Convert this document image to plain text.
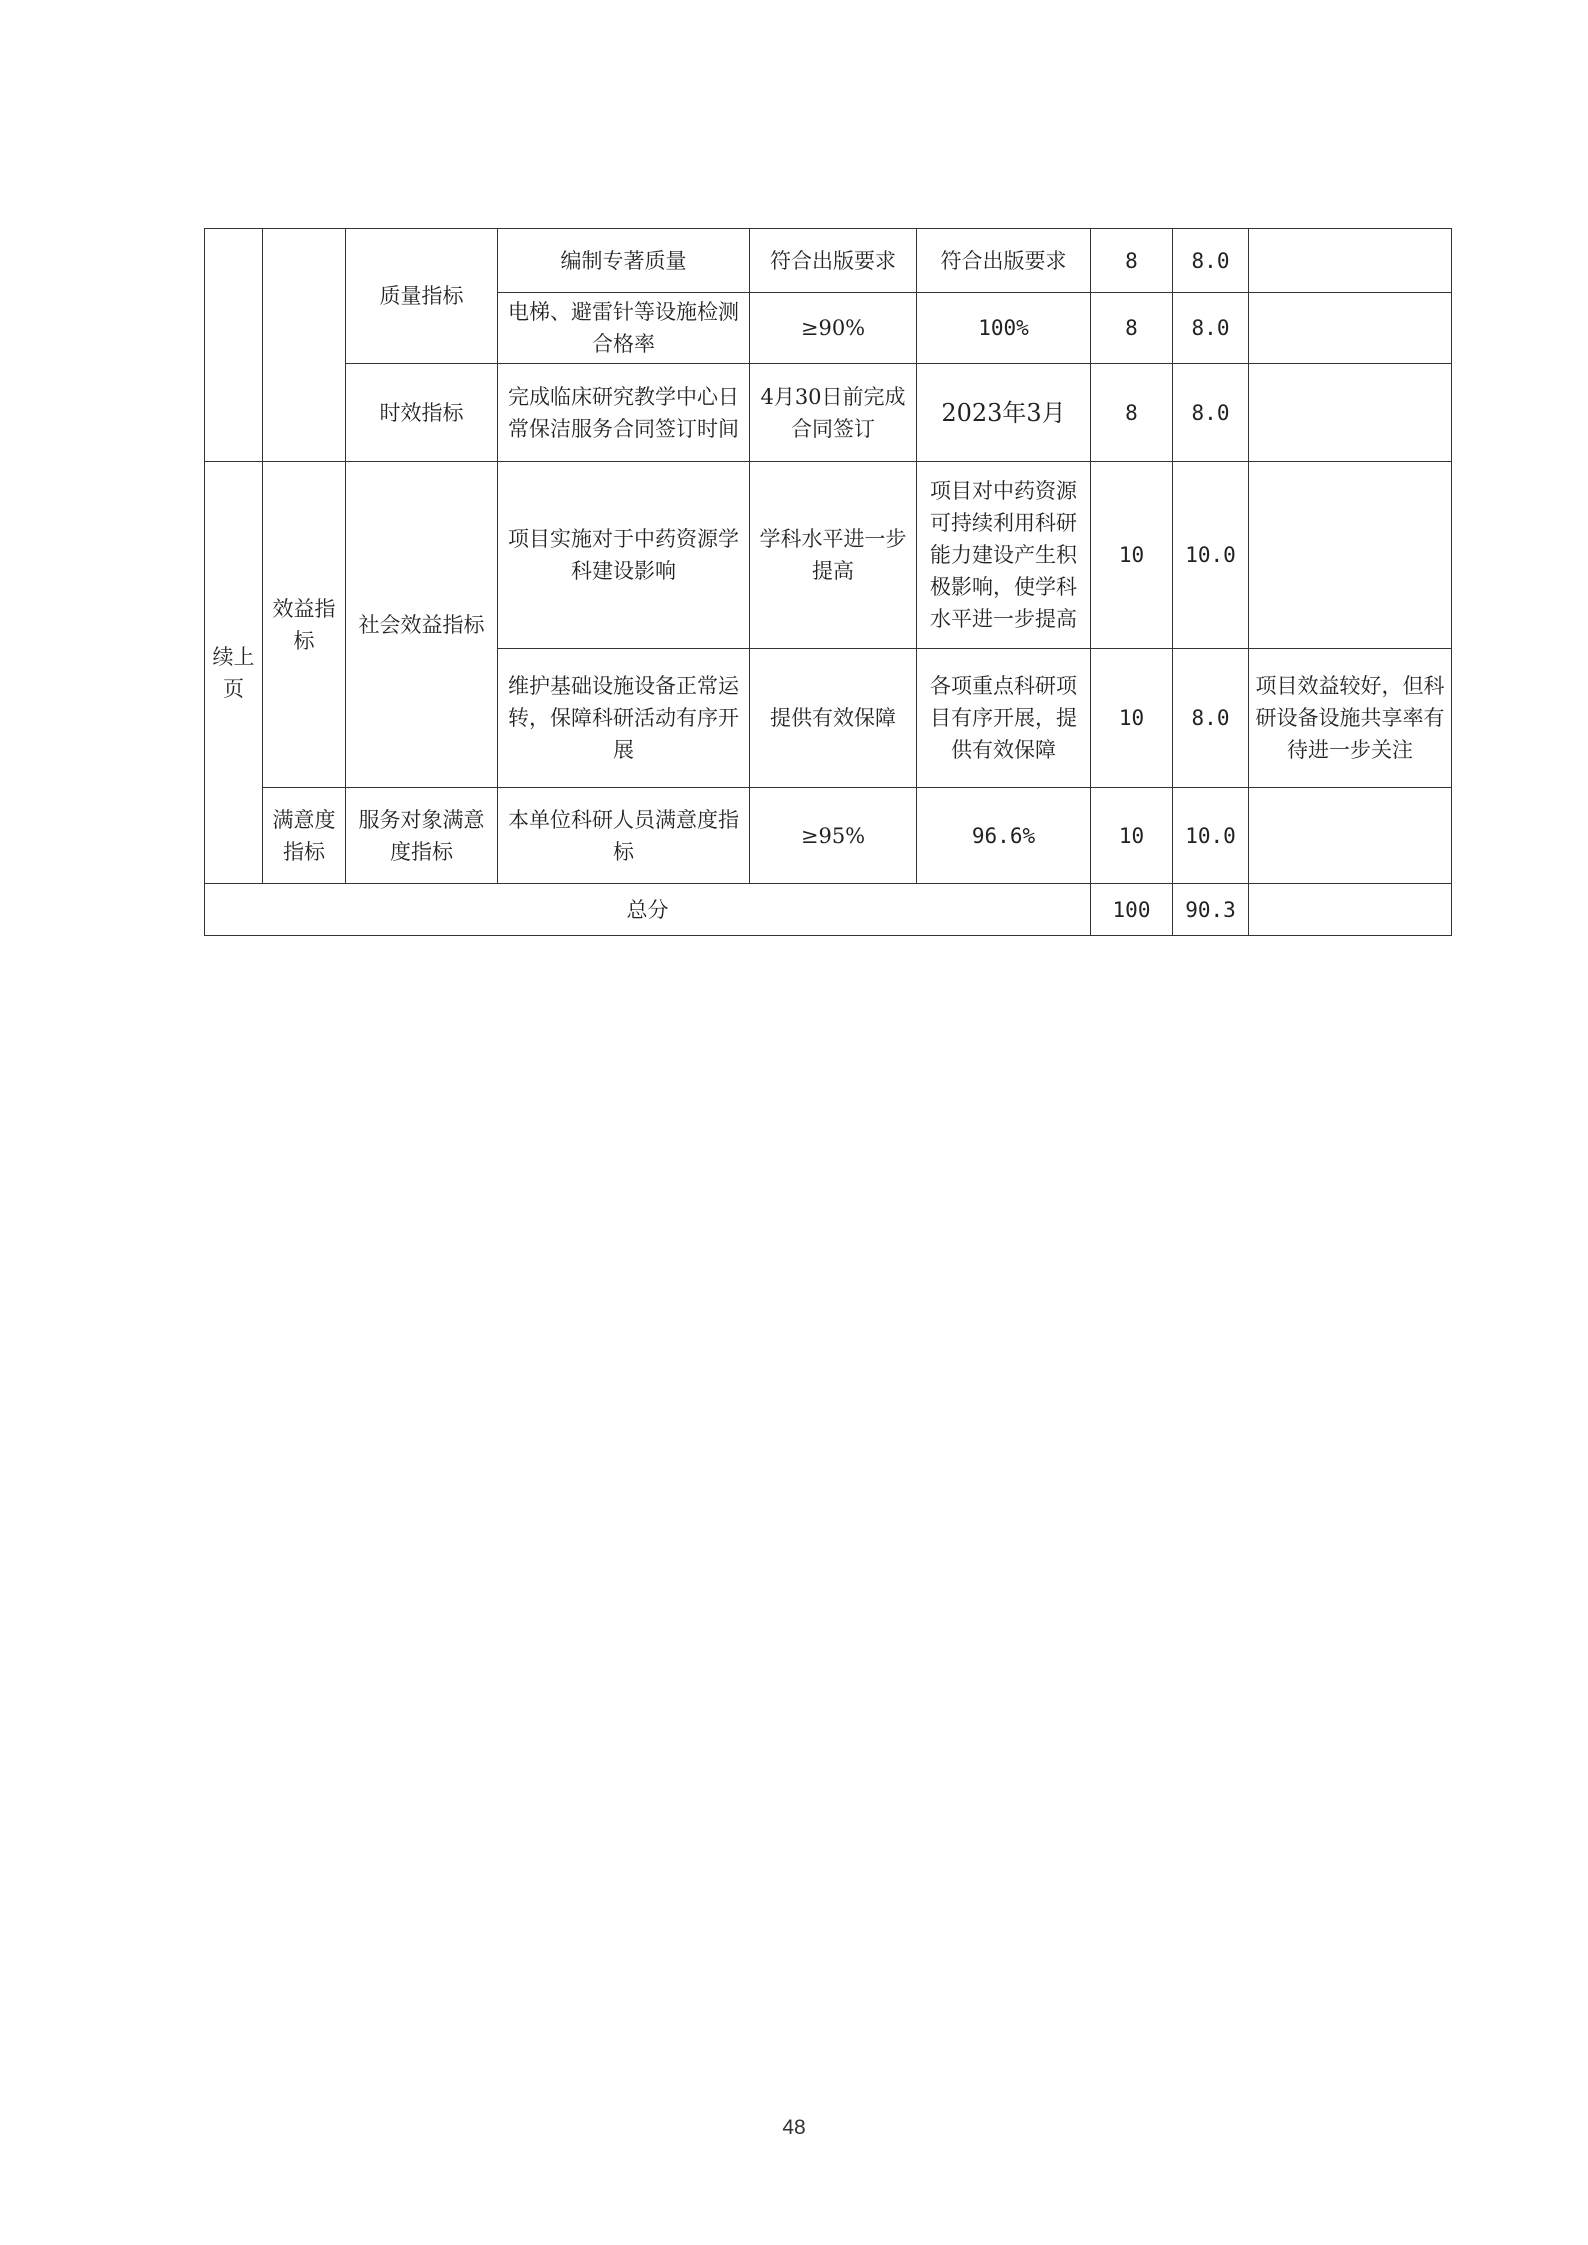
		质量指标	编制专著质量	符合出版要求	符合出版要求	8	8.0	
			电梯、避雷针等设施检测合格率	≥90%	100%	8	8.0	
		时效指标	完成临床研究教学中心日常保洁服务合同签订时间	4月30日前完成合同签订	2023年3月	8	8.0	
续上页	效益指标	社会效益指标	项目实施对于中药资源学科建设影响	学科水平进一步提高	项目对中药资源可持续利用科研能力建设产生积极影响，使学科水平进一步提高	10	10.0	
			维护基础设施设备正常运转，保障科研活动有序开展	提供有效保障	各项重点科研项目有序开展，提供有效保障	10	8.0	项目效益较好，但科研设备设施共享率有待进一步关注
	满意度指标	服务对象满意度指标	本单位科研人员满意度指标	≥95%	96.6%	10	10.0	
总分						100	90.3	
48
